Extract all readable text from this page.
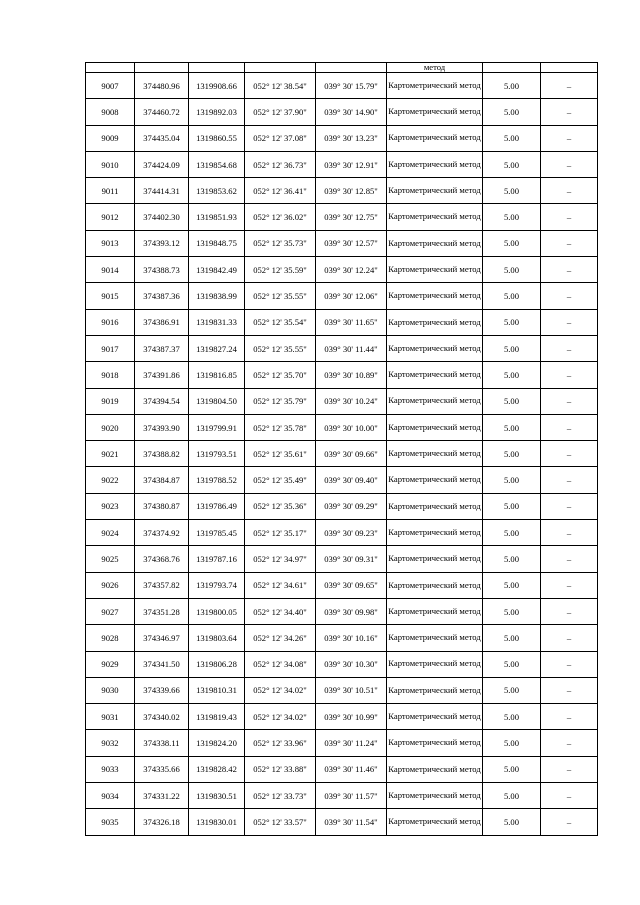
					метод		
9007	374480.96	1319908.66	052° 12' 38.54"	039° 30' 15.79"	Картометрический метод	5.00	–
9008	374460.72	1319892.03	052° 12' 37.90"	039° 30' 14.90"	Картометрический метод	5.00	–
9009	374435.04	1319860.55	052° 12' 37.08"	039° 30' 13.23"	Картометрический метод	5.00	–
9010	374424.09	1319854.68	052° 12' 36.73"	039° 30' 12.91"	Картометрический метод	5.00	–
9011	374414.31	1319853.62	052° 12' 36.41"	039° 30' 12.85"	Картометрический метод	5.00	–
9012	374402.30	1319851.93	052° 12' 36.02"	039° 30' 12.75"	Картометрический метод	5.00	–
9013	374393.12	1319848.75	052° 12' 35.73"	039° 30' 12.57"	Картометрический метод	5.00	–
9014	374388.73	1319842.49	052° 12' 35.59"	039° 30' 12.24"	Картометрический метод	5.00	–
9015	374387.36	1319838.99	052° 12' 35.55"	039° 30' 12.06"	Картометрический метод	5.00	–
9016	374386.91	1319831.33	052° 12' 35.54"	039° 30' 11.65"	Картометрический метод	5.00	–
9017	374387.37	1319827.24	052° 12' 35.55"	039° 30' 11.44"	Картометрический метод	5.00	–
9018	374391.86	1319816.85	052° 12' 35.70"	039° 30' 10.89"	Картометрический метод	5.00	–
9019	374394.54	1319804.50	052° 12' 35.79"	039° 30' 10.24"	Картометрический метод	5.00	–
9020	374393.90	1319799.91	052° 12' 35.78"	039° 30' 10.00"	Картометрический метод	5.00	–
9021	374388.82	1319793.51	052° 12' 35.61"	039° 30' 09.66"	Картометрический метод	5.00	–
9022	374384.87	1319788.52	052° 12' 35.49"	039° 30' 09.40"	Картометрический метод	5.00	–
9023	374380.87	1319786.49	052° 12' 35.36"	039° 30' 09.29"	Картометрический метод	5.00	–
9024	374374.92	1319785.45	052° 12' 35.17"	039° 30' 09.23"	Картометрический метод	5.00	–
9025	374368.76	1319787.16	052° 12' 34.97"	039° 30' 09.31"	Картометрический метод	5.00	–
9026	374357.82	1319793.74	052° 12' 34.61"	039° 30' 09.65"	Картометрический метод	5.00	–
9027	374351.28	1319800.05	052° 12' 34.40"	039° 30' 09.98"	Картометрический метод	5.00	–
9028	374346.97	1319803.64	052° 12' 34.26"	039° 30' 10.16"	Картометрический метод	5.00	–
9029	374341.50	1319806.28	052° 12' 34.08"	039° 30' 10.30"	Картометрический метод	5.00	–
9030	374339.66	1319810.31	052° 12' 34.02"	039° 30' 10.51"	Картометрический метод	5.00	–
9031	374340.02	1319819.43	052° 12' 34.02"	039° 30' 10.99"	Картометрический метод	5.00	–
9032	374338.11	1319824.20	052° 12' 33.96"	039° 30' 11.24"	Картометрический метод	5.00	–
9033	374335.66	1319828.42	052° 12' 33.88"	039° 30' 11.46"	Картометрический метод	5.00	–
9034	374331.22	1319830.51	052° 12' 33.73"	039° 30' 11.57"	Картометрический метод	5.00	–
9035	374326.18	1319830.01	052° 12' 33.57"	039° 30' 11.54"	Картометрический метод	5.00	–
